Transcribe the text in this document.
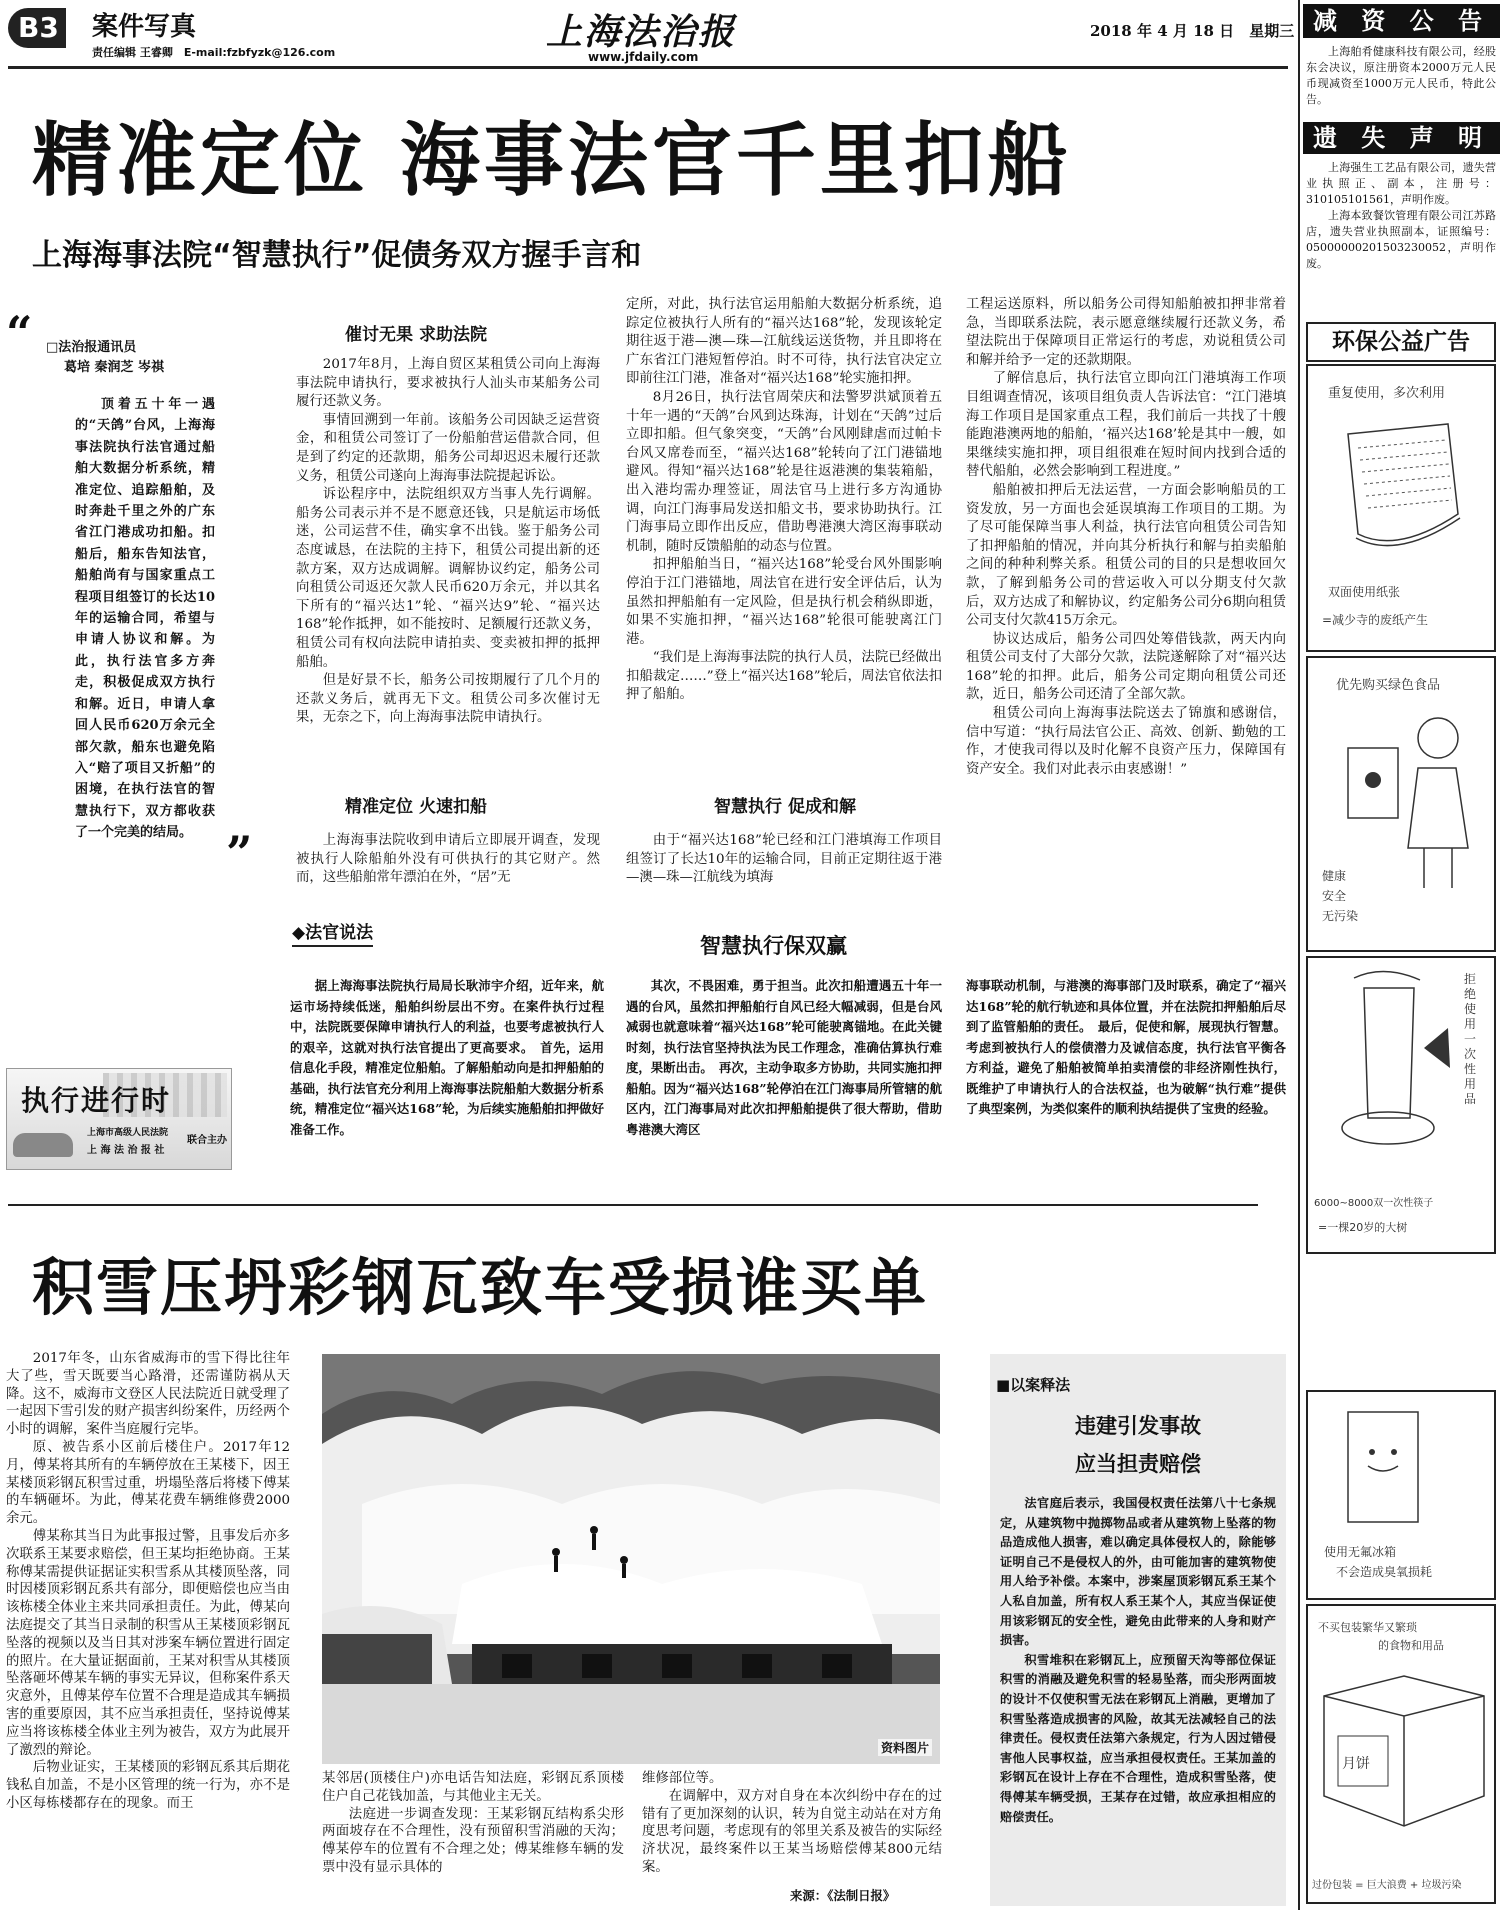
B3 案件写真
责任编辑 王睿卿　 E-mail:fzbfyzk@126.com	上海法治报
www.jfdaily.com
2018 年 4 月 18 日　 星期三
精准定位 海事法官千里扣船
上海海事法院“智慧执行”促债务双方握手言和
“ □法治报通讯员
葛培 秦润芝 岑祺
顶着五十年一遇的“天鸽”台风，上海海事法院执行法官通过船舶大数据分析系统，精准定位、追踪船舶，及时奔赴千里之外的广东省江门港成功扣船。扣船后，船东告知法官，船舶尚有与国家重点工程项目组签订的长达10年的运输合同，希望与申请人协议和解。为此，执行法官多方奔走，积极促成双方执行和解。近日，申请人拿回人民币620万余元全部欠款，船东也避免陷入“赔了项目又折船”的困境，在执行法官的智慧执行下，双方都收获了一个完美的结局。 ”
催讨无果 求助法院

2017年8月，上海自贸区某租赁公司向上海海事法院申请执行，要求被执行人汕头市某船务公司履行还款义务。

事情回溯到一年前。该船务公司因缺乏运营资金，和租赁公司签订了一份船舶营运借款合同，但是到了约定的还款期，船务公司却迟迟未履行还款义务，租赁公司遂向上海海事法院提起诉讼。

诉讼程序中，法院组织双方当事人先行调解。船务公司表示并不是不愿意还钱，只是航运市场低迷，公司运营不佳，确实拿不出钱。鉴于船务公司态度诚恳，在法院的主持下，租赁公司提出新的还款方案，双方达成调解。调解协议约定，船务公司向租赁公司返还欠款人民币620万余元，并以其名下所有的“福兴达1”轮、“福兴达9”轮、“福兴达168”轮作抵押，如不能按时、足额履行还款义务，租赁公司有权向法院申请拍卖、变卖被扣押的抵押船舶。

但是好景不长，船务公司按期履行了几个月的还款义务后，就再无下文。租赁公司多次催讨无果，无奈之下，向上海海事法院申请执行。

精准定位 火速扣船

上海海事法院收到申请后立即展开调查，发现被执行人除船舶外没有可供执行的其它财产。然而，这些船舶常年漂泊在外，“居”无

定所，对此，执行法官运用船舶大数据分析系统，追踪定位被执行人所有的“福兴达168”轮，发现该轮定期往返于港—澳—珠—江航线运送货物，并且即将在广东省江门港短暂停泊。时不可待，执行法官决定立即前往江门港，准备对“福兴达168”轮实施扣押。

8月26日，执行法官周荣庆和法警罗洪斌顶着五十年一遇的“天鸽”台风到达珠海，计划在“天鸽”过后立即扣船。但气象突变，“天鸽”台风刚肆虐而过帕卡台风又席卷而至，“福兴达168”轮转向了江门港锚地避风。得知“福兴达168”轮是往返港澳的集装箱船，出入港均需办理签证，周法官马上进行多方沟通协调，向江门海事局发送扣船文书，要求协助执行。江门海事局立即作出反应，借助粤港澳大湾区海事联动机制，随时反馈船舶的动态与位置。

扣押船舶当日，“福兴达168”轮受台风外围影响停泊于江门港锚地，周法官在进行安全评估后，认为虽然扣押船舶有一定风险，但是执行机会稍纵即逝，如果不实施扣押，“福兴达168”轮很可能驶离江门港。

“我们是上海海事法院的执行人员，法院已经做出扣船裁定……”登上“福兴达168”轮后，周法官依法扣押了船舶。

智慧执行 促成和解

由于“福兴达168”轮已经和江门港填海工作项目组签订了长达10年的运输合同，目前正定期往返于港—澳—珠—江航线为填海

工程运送原料，所以船务公司得知船舶被扣押非常着急，当即联系法院，表示愿意继续履行还款义务，希望法院出于保障项目正常运行的考虑，劝说租赁公司和解并给予一定的还款期限。

了解信息后，执行法官立即向江门港填海工作项目组调查情况，该项目组负责人告诉法官：“江门港填海工作项目是国家重点工程，我们前后一共找了十艘能跑港澳两地的船舶，‘福兴达168’轮是其中一艘，如果继续实施扣押，项目组很难在短时间内找到合适的替代船舶，必然会影响到工程进度。”

船舶被扣押后无法运营，一方面会影响船员的工资发放，另一方面也会延误填海工作项目的工期。为了尽可能保障当事人利益，执行法官向租赁公司告知了扣押船舶的情况，并向其分析执行和解与拍卖船舶之间的种种利弊关系。租赁公司的目的只是想收回欠款，了解到船务公司的营运收入可以分期支付欠款后，双方达成了和解协议，约定船务公司分6期向租赁公司支付欠款415万余元。

协议达成后，船务公司四处筹借钱款，两天内向租赁公司支付了大部分欠款，法院遂解除了对“福兴达168”轮的扣押。此后，船务公司定期向租赁公司还款，近日，船务公司还清了全部欠款。

租赁公司向上海海事法院送去了锦旗和感谢信，信中写道：“执行局法官公正、高效、创新、勤勉的工作，才使我司得以及时化解不良资产压力，保障国有资产安全。我们对此表示由衷感谢！”

◆法官说法
智慧执行保双赢
执行进行时
上海市高级人民法院
上 海 法 治 报 社
联合主办
据上海海事法院执行局局长耿沛宇介绍，近年来，航运市场持续低迷，船舶纠纷层出不穷。在案件执行过程中，法院既要保障申请执行人的利益，也要考虑被执行人的艰辛，这就对执行法官提出了更高要求。　首先，运用信息化手段，精准定位船舶。了解船舶动向是扣押船舶的基础，执行法官充分利用上海海事法院船舶大数据分析系统，精准定位“福兴达168”轮，为后续实施船舶扣押做好准备工作。
其次，不畏困难，勇于担当。此次扣船遭遇五十年一遇的台风，虽然扣押船舶行自风已经大幅减弱，但是台风减弱也就意味着“福兴达168”轮可能驶离锚地。在此关键时刻，执行法官坚持执法为民工作理念，准确估算执行难度，果断出击。　再次，主动争取多方协助，共同实施扣押船舶。因为“福兴达168”轮停泊在江门海事局所管辖的航区内，江门海事局对此次扣押船舶提供了很大帮助，借助粤港澳大湾区
海事联动机制，与港澳的海事部门及时联系，确定了“福兴达168”轮的航行轨迹和具体位置，并在法院扣押船舶后尽到了监管船舶的责任。　最后，促使和解，展现执行智慧。考虑到被执行人的偿债潜力及诚信态度，执行法官平衡各方利益，避免了船舶被简单拍卖清偿的非经济刚性执行，既维护了申请执行人的合法权益，也为破解“执行难”提供了典型案例，为类似案件的顺利执结提供了宝贵的经验。
积雪压坍彩钢瓦致车受损谁买单

2017年冬，山东省威海市的雪下得比往年大了些，雪天既要当心路滑，还需谨防祸从天降。这不，威海市文登区人民法院近日就受理了一起因下雪引发的财产损害纠纷案件，历经两个小时的调解，案件当庭履行完毕。

原、被告系小区前后楼住户。2017年12月，傅某将其所有的车辆停放在王某楼下，因王某楼顶彩钢瓦积雪过重，坍塌坠落后将楼下傅某的车辆砸坏。为此，傅某花费车辆维修费2000余元。

傅某称其当日为此事报过警，且事发后亦多次联系王某要求赔偿，但王某均拒绝协商。王某称傅某需提供证据证实积雪系从其楼顶坠落，同时因楼顶彩钢瓦系共有部分，即便赔偿也应当由该栋楼全体业主来共同承担责任。为此，傅某向法庭提交了其当日录制的积雪从王某楼顶彩钢瓦坠落的视频以及当日其对涉案车辆位置进行固定的照片。在大量证据面前，王某对积雪从其楼顶坠落砸坏傅某车辆的事实无异议，但称案件系天灾意外，且傅某停车位置不合理是造成其车辆损害的重要原因，其不应当承担责任，坚持说傅某应当将该栋楼全体业主列为被告，双方为此展开了激烈的辩论。

后物业证实，王某楼顶的彩钢瓦系其后期花钱私自加盖，不是小区管理的统一行为，亦不是小区每栋楼都存在的现象。而王

资料图片

某邻居(顶楼住户)亦电话告知法庭，彩钢瓦系顶楼住户自己花钱加盖，与其他业主无关。

法庭进一步调查发现：王某彩钢瓦结构系尖形两面坡存在不合理性，没有预留积雪消融的天沟；傅某停车的位置有不合理之处；傅某维修车辆的发票中没有显示具体的

维修部位等。

在调解中，双方对自身在本次纠纷中存在的过错有了更加深刻的认识，转为自觉主动站在对方角度思考问题，考虑现有的邻里关系及被告的实际经济状况，最终案件以王某当场赔偿傅某800元结案。

来源：《法制日报》
■以案释法
违建引发事故
应当担责赔偿

法官庭后表示，我国侵权责任法第八十七条规定，从建筑物中抛掷物品或者从建筑物上坠落的物品造成他人损害，难以确定具体侵权人的，除能够证明自己不是侵权人的外，由可能加害的建筑物使用人给予补偿。本案中，涉案屋顶彩钢瓦系王某个人私自加盖，所有权人系王某个人，其应当保证使用该彩钢瓦的安全性，避免由此带来的人身和财产损害。

积雪堆积在彩钢瓦上，应预留天沟等部位保证积雪的消融及避免积雪的轻易坠落，而尖形两面坡的设计不仅使积雪无法在彩钢瓦上消融，更增加了积雪坠落造成损害的风险，故其无法减轻自己的法律责任。侵权责任法第六条规定，行为人因过错侵害他人民事权益，应当承担侵权责任。王某加盖的彩钢瓦在设计上存在不合理性，造成积雪坠落，使得傅某车辆受损，王某存在过错，故应承担相应的赔偿责任。

减 资 公 告

上海舶肴健康科技有限公司，经股东会决议，原注册资本2000万元人民币现减资至1000万元人民币，特此公告。

遗 失 声 明

上海强生工艺品有限公司，遗失营业执照正、副本，注册号：310105101561，声明作废。

上海本致餐饮管理有限公司江苏路店，遗失营业执照副本，证照编号：05000000201503230052，声明作废。

环保公益广告
重复使用，多次利用
双面使用纸张
=减少寺的废纸产生
优先购买绿色食品
健康
安全
无污染
拒绝使用一次性用品
6000~8000双一次性筷子
=一棵20岁的大树
使用无氟冰箱
不会造成臭氧损耗
不买包装繁华又繁琐
的食物和用品
月饼
过份包装 = 巨大浪费 + 垃圾污染
